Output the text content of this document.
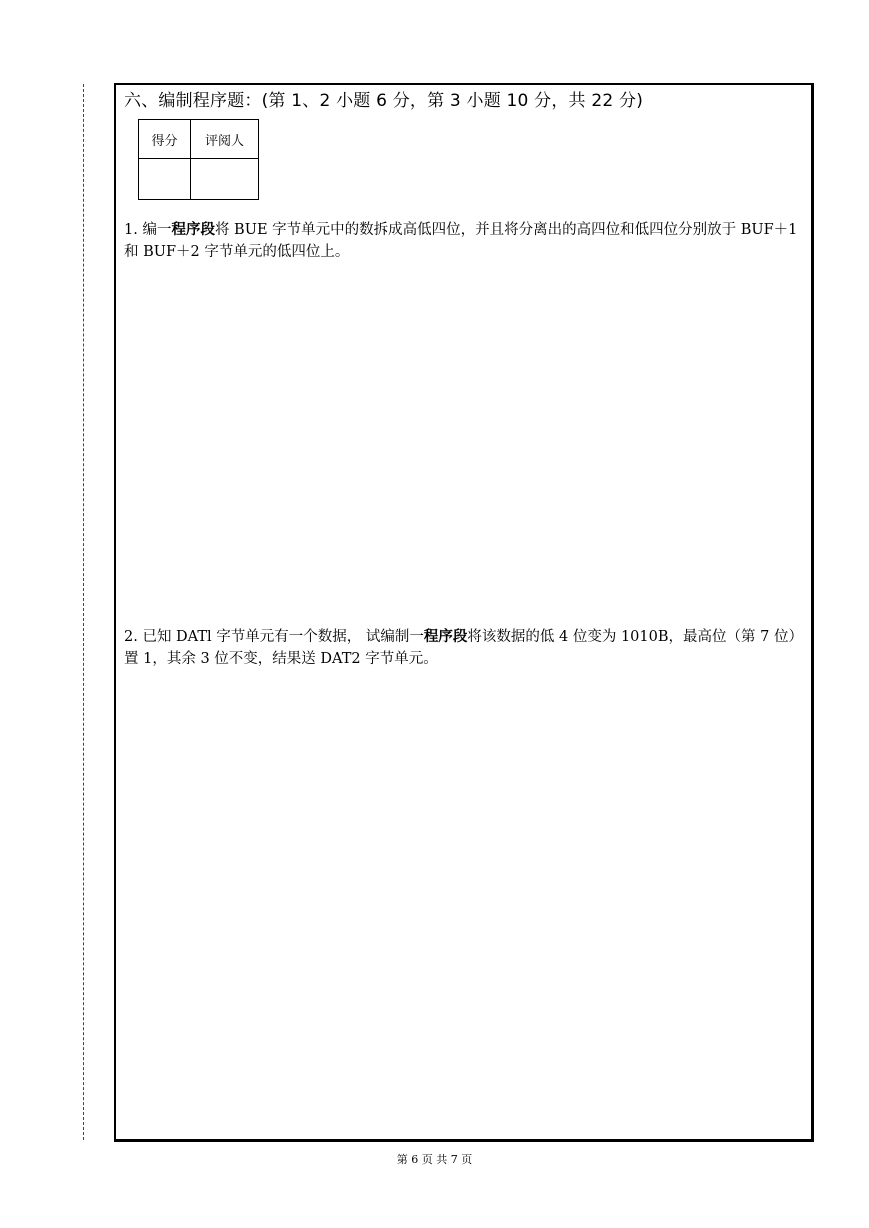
六、编制程序题：(第 1、2 小题 6 分，第 3 小题 10 分，共 22 分)
得分	评阅人

1. 编一程序段将 BUE 字节单元中的数拆成高低四位，并且将分离出的高四位和低四位分别放于 BUF＋1 和 BUF＋2 字节单元的低四位上。
2. 已知 DATl 字节单元有一个数据， 试编制一程序段将该数据的低 4 位变为 1010B，最高位（第 7 位）置 1，其余 3 位不变，结果送 DAT2 字节单元。
第 6 页 共 7 页
